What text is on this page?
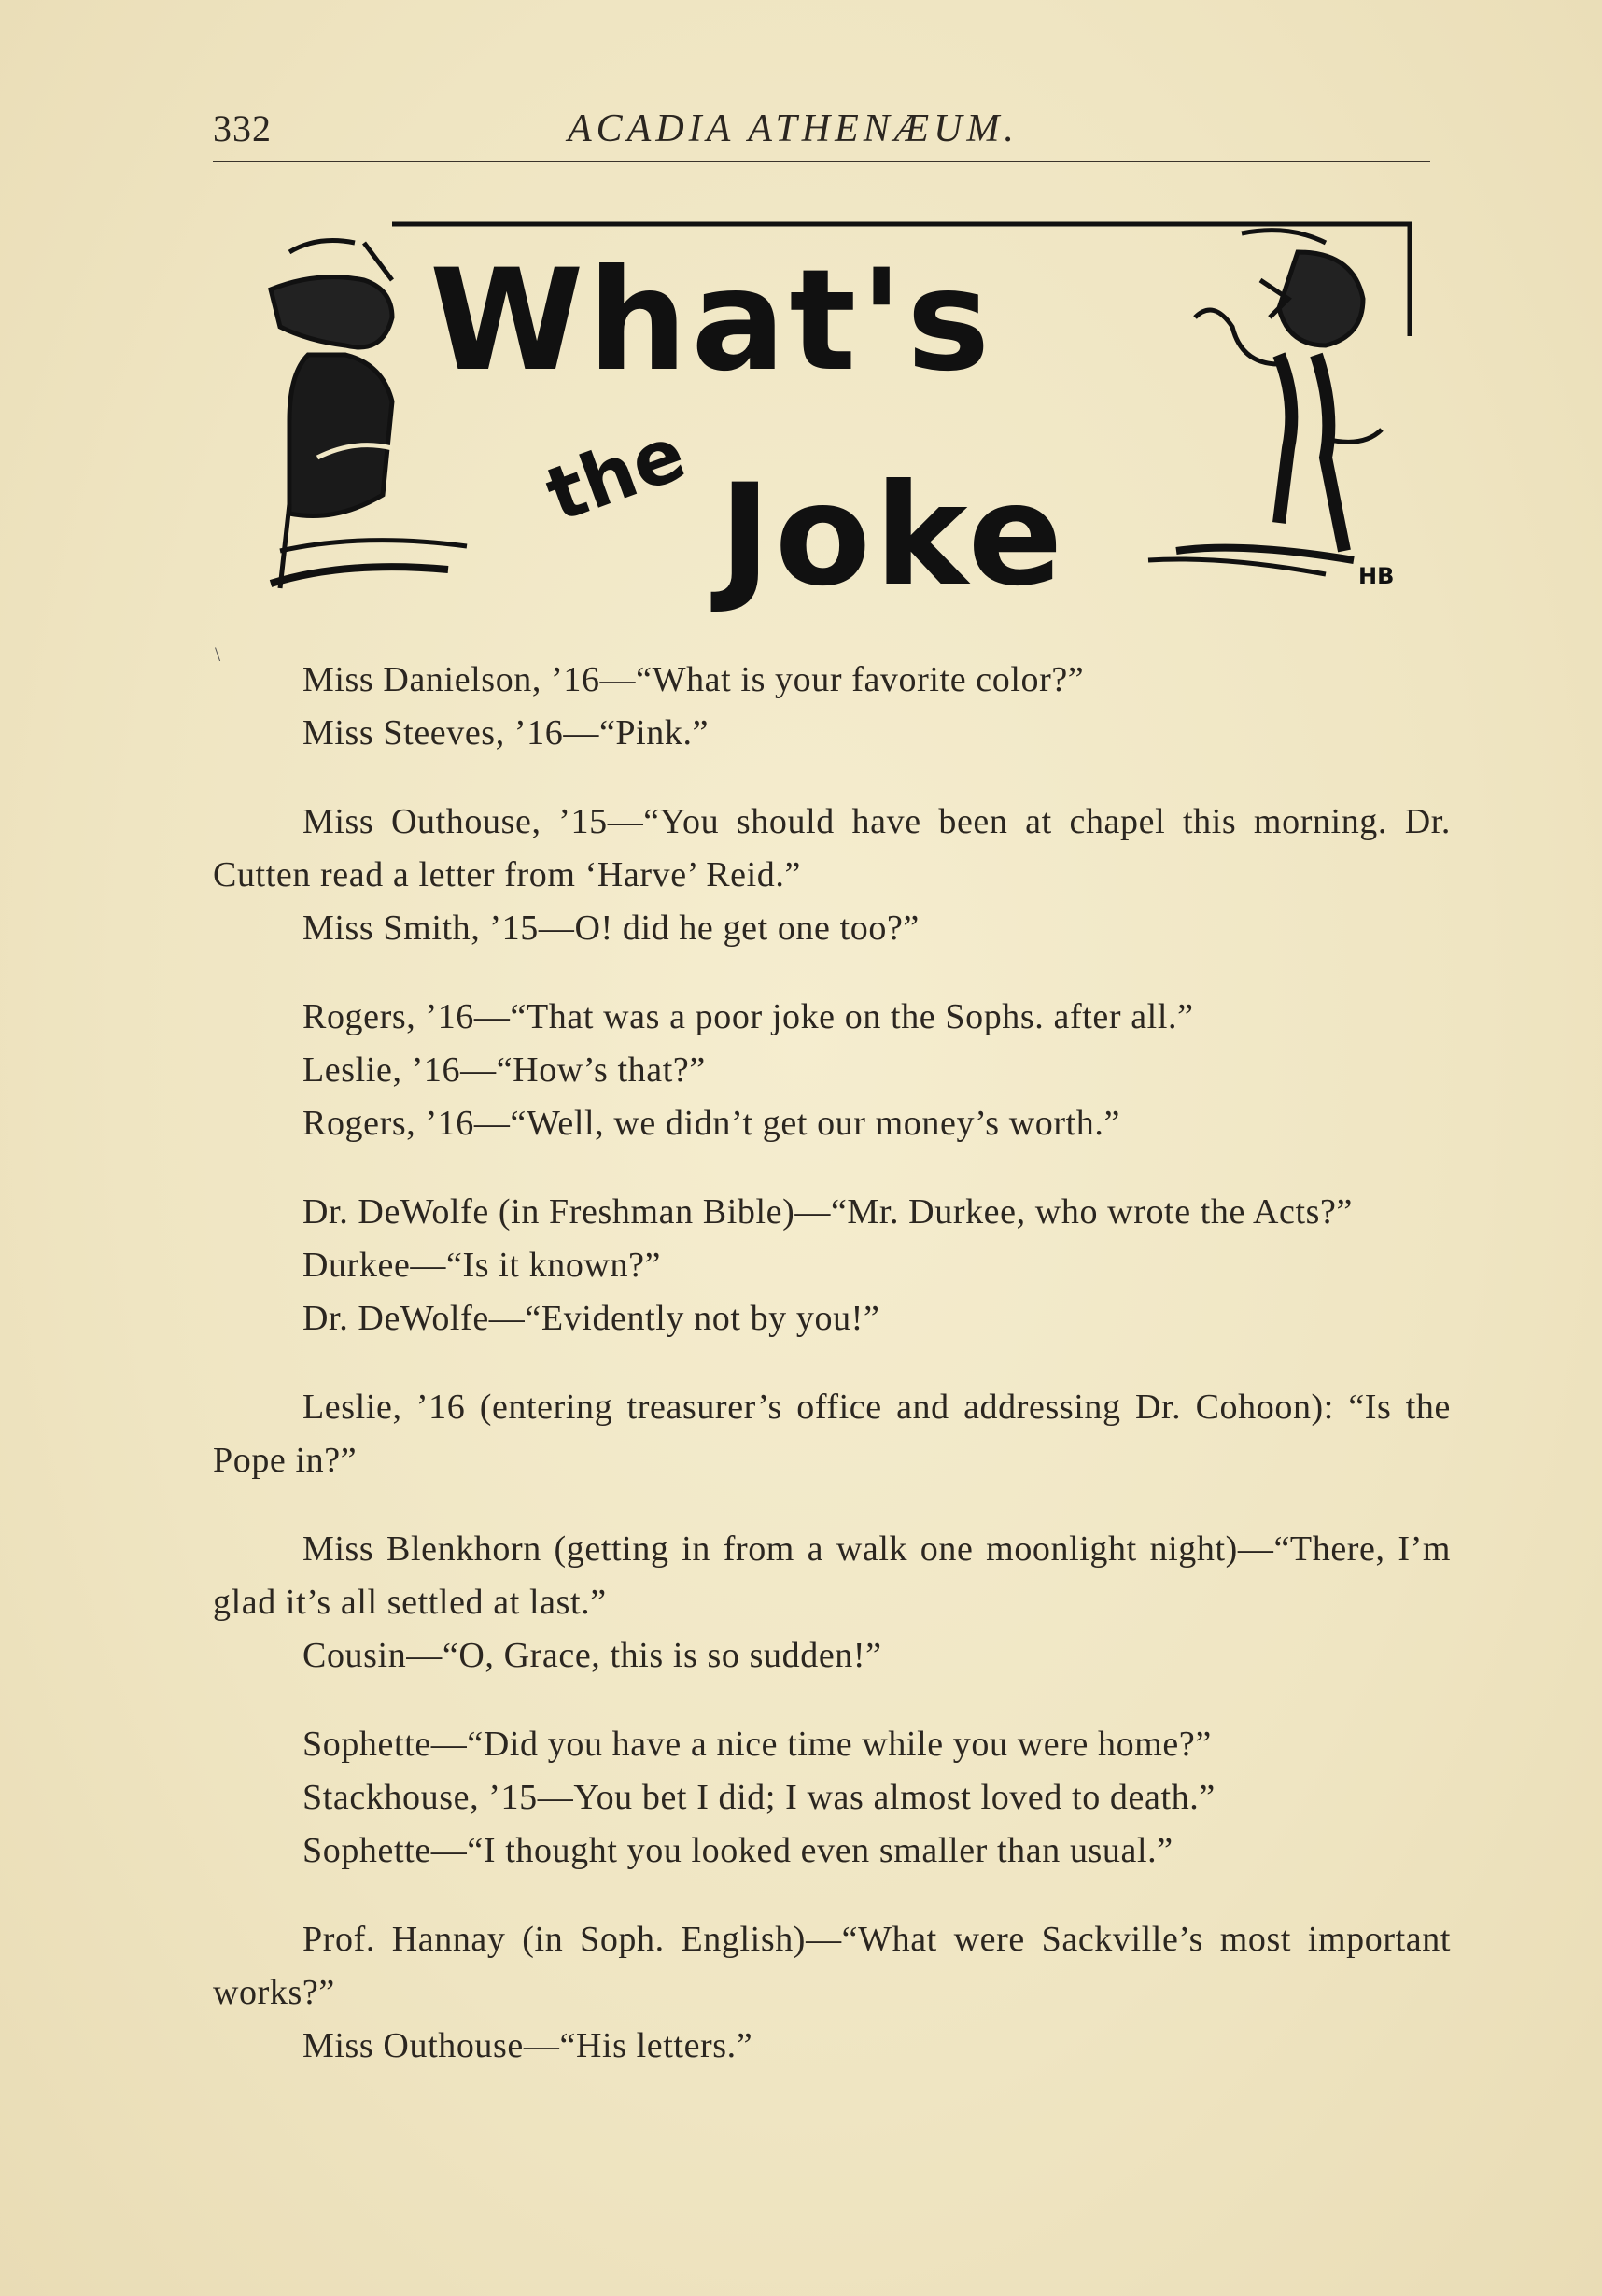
332	ACADIA ATHENÆUM.
What's
the Joke	HB
\
Miss Danielson, ’16—“What is your favorite color?”
Miss Steeves, ’16—“Pink.”
Miss Outhouse, ’15—“You should have been at chapel this morning. Dr. Cutten read a letter from ‘Harve’ Reid.”
Miss Smith, ’15—O! did he get one too?”
Rogers, ’16—“That was a poor joke on the Sophs. after all.”
Leslie, ’16—“How’s that?”
Rogers, ’16—“Well, we didn’t get our money’s worth.”
Dr. DeWolfe (in Freshman Bible)—“Mr. Durkee, who wrote the Acts?”
Durkee—“Is it known?”
Dr. DeWolfe—“Evidently not by you!”
Leslie, ’16 (entering treasurer’s office and addressing Dr. Cohoon): “Is the Pope in?”
Miss Blenkhorn (getting in from a walk one moonlight night)—“There, I’m glad it’s all settled at last.”
Cousin—“O, Grace, this is so sudden!”
Sophette—“Did you have a nice time while you were home?”
Stackhouse, ’15—You bet I did; I was almost loved to death.”
Sophette—“I thought you looked even smaller than usual.”
Prof. Hannay (in Soph. English)—“What were Sackville’s most important works?”
Miss Outhouse—“His letters.”
